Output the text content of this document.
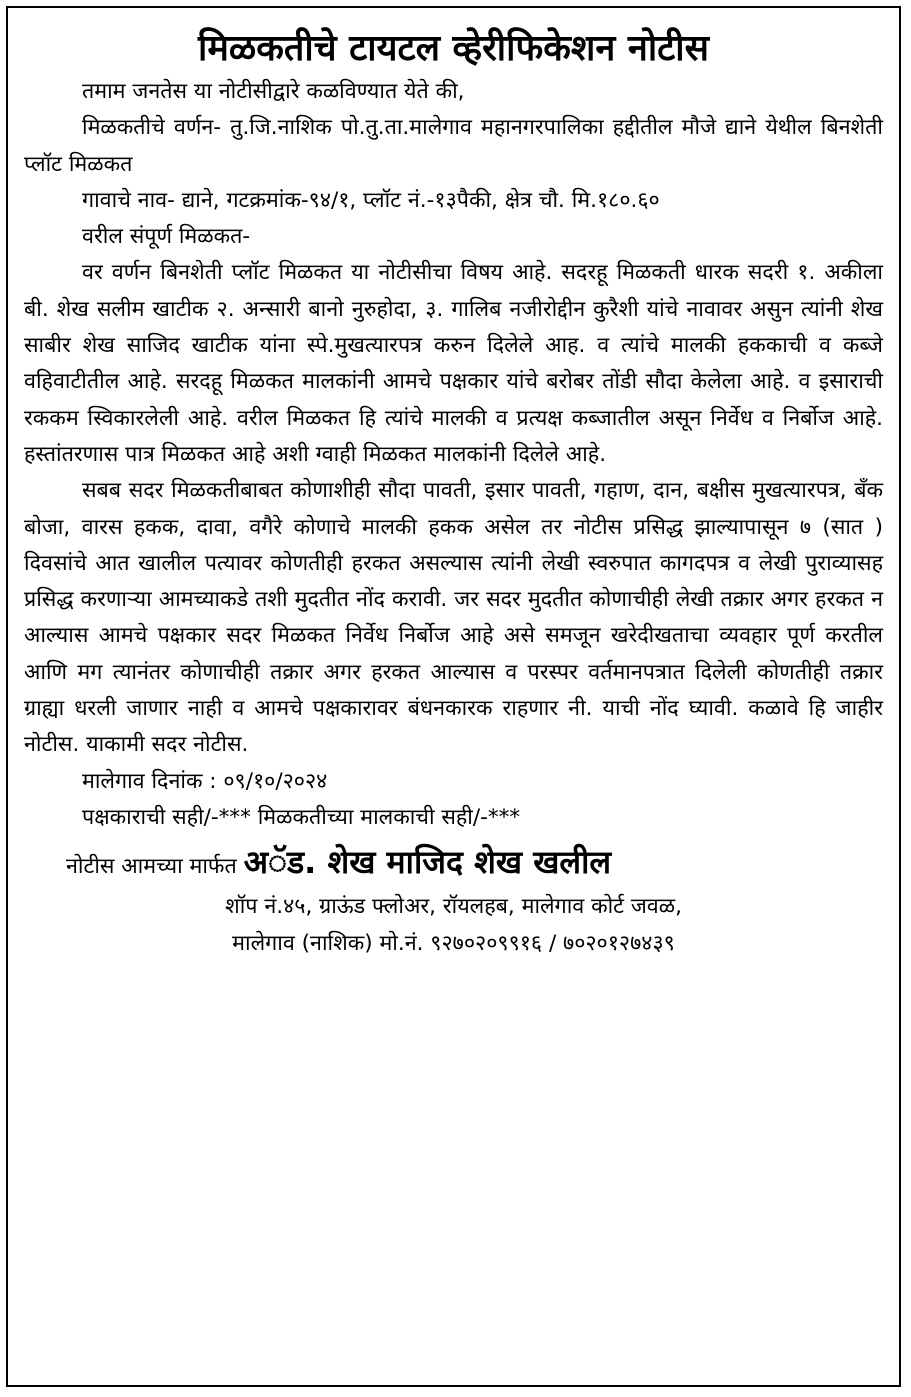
मिळकतीचे टायटल व्हेरीफिकेशन नोटीस

तमाम जनतेस या नोटीसीद्वारे कळविण्यात येते की,

मिळकतीचे वर्णन- तु.जि.नाशिक पो.तु.ता.मालेगाव महानगरपालिका हद्दीतील मौजे द्याने येथील बिनशेती प्लॉट मिळकत

गावाचे नाव- द्याने, गटक्रमांक-९४/१, प्लॉट नं.-१३पैकी, क्षेत्र चौ. मि.१८०.६०

वरील संपूर्ण मिळकत-

वर वर्णन बिनशेती प्लॉट मिळकत या नोटीसीचा विषय आहे. सदरहू मिळकती धारक सदरी १. अकीला बी. शेख सलीम खाटीक २. अन्सारी बानो नुरुहोदा, ३. गालिब नजीरोद्दीन कुरैशी यांचे नावावर असुन त्यांनी शेख साबीर शेख साजिद खाटीक यांना स्पे.मुखत्यारपत्र करुन दिलेले आह. व त्यांचे मालकी हककाची व कब्जे वहिवाटीतील आहे. सरदहू मिळकत मालकांनी आमचे पक्षकार यांचे बरोबर तोंडी सौदा केलेला आहे. व इसाराची रककम स्विकारलेली आहे. वरील मिळकत हि त्यांचे मालकी व प्रत्यक्ष कब्जातील असून निर्वेध व निर्बोज आहे. हस्तांतरणास पात्र मिळकत आहे अशी ग्वाही मिळकत मालकांनी दिलेले आहे.

सबब सदर मिळकतीबाबत कोणाशीही सौदा पावती, इसार पावती, गहाण, दान, बक्षीस मुखत्यारपत्र, बँक बोजा, वारस हकक, दावा, वगैरे कोणाचे मालकी हकक असेल तर नोटीस प्रसिद्ध झाल्यापासून ७ (सात ) दिवसांचे आत खालील पत्यावर कोणतीही हरकत असल्यास त्यांनी लेखी स्वरुपात कागदपत्र व लेखी पुराव्यासह प्रसिद्ध करणाऱ्या आमच्याकडे तशी मुदतीत नोंद करावी. जर सदर मुदतीत कोणाचीही लेखी तक्रार अगर हरकत न आल्यास आमचे पक्षकार सदर मिळकत निर्वेध निर्बोज आहे असे समजून खरेदीखताचा व्यवहार पूर्ण करतील आणि मग त्यानंतर कोणाचीही तक्रार अगर हरकत आल्यास व परस्पर वर्तमानपत्रात दिलेली कोणतीही तक्रार ग्राह्या धरली जाणार नाही व आमचे पक्षकारावर बंधनकारक राहणार नी. याची नोंद घ्यावी. कळावे हि जाहीर नोटीस. याकामी सदर नोटीस.

मालेगाव दिनांक : ०९/१०/२०२४

पक्षकाराची सही/-*** मिळकतीच्या मालकाची सही/-***

नोटीस आमच्या मार्फत अॅड. शेख माजिद शेख खलील
शॉप नं.४५, ग्राऊंड फ्लोअर, रॉयलहब, मालेगाव कोर्ट जवळ,
मालेगाव (नाशिक) मो.नं. ९२७०२०९९१६ / ७०२०१२७४३९
